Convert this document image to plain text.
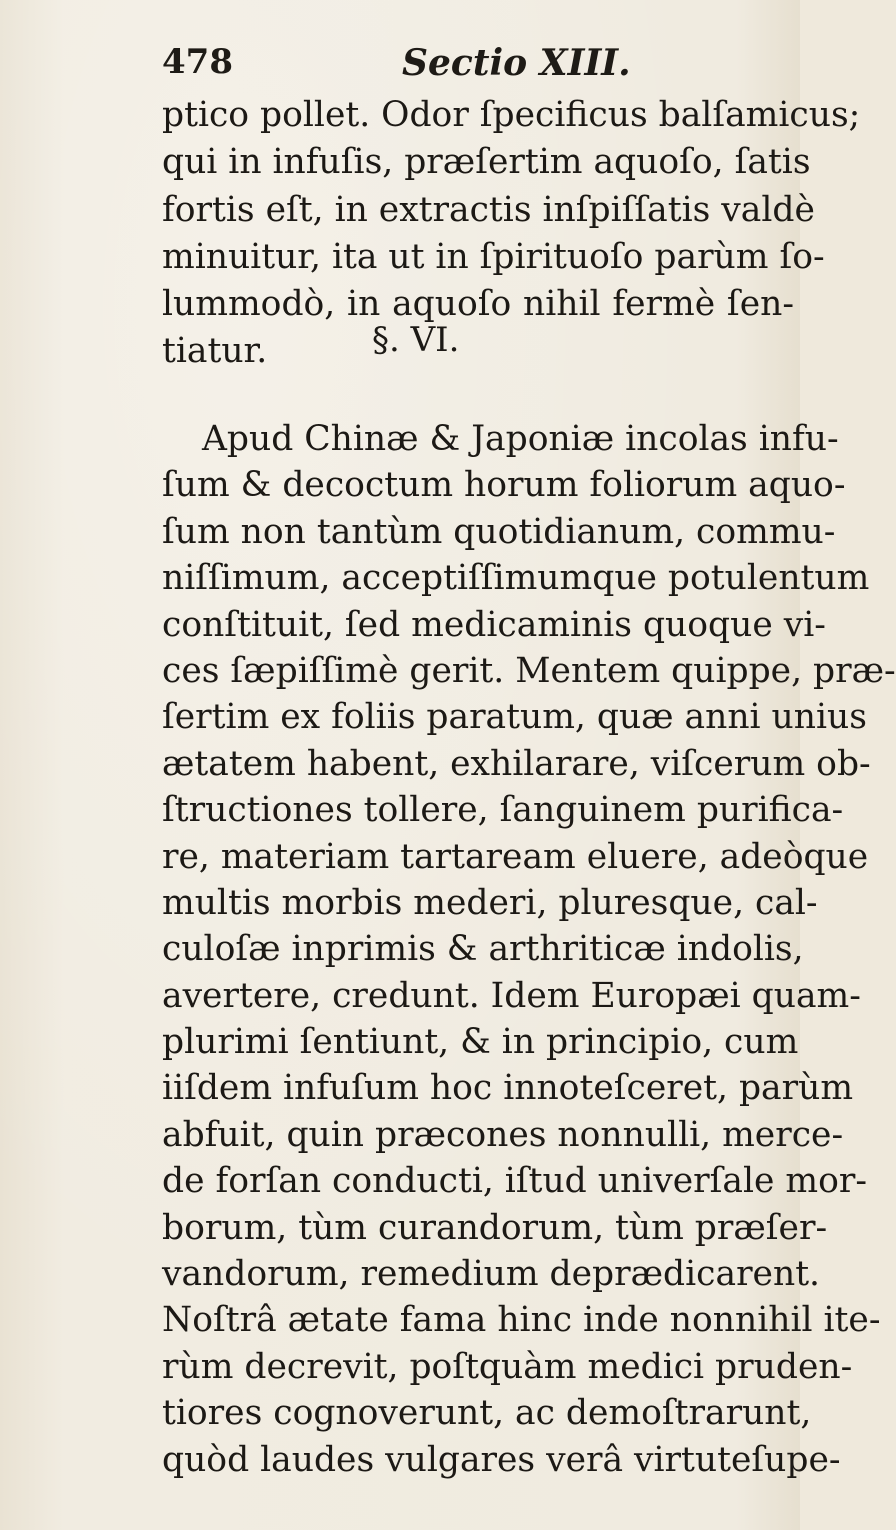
478	Sectio XIII.
ptico pollet. Odor ſpecificus balſamicus;
qui in infuſis, præſertim aquoſo, ſatis
fortis eſt, in extractis inſpiſſatis valdè
minuitur, ita ut in ſpirituoſo parùm ſo-
lummodò, in aquoſo nihil fermè ſen-
tiatur.	§. VI.
Apud Chinæ & Japoniæ incolas infu-
ſum & decoctum horum foliorum aquo-
ſum non tantùm quotidianum, commu-
niſſimum, acceptiſſimumque potulentum
conſtituit, ſed medicaminis quoque vi-
ces ſæpiſſimè gerit. Mentem quippe, præ-
ſertim ex foliis paratum, quæ anni unius
ætatem habent, exhilarare, viſcerum ob-
ſtructiones tollere, ſanguinem purifica-
re, materiam tartaream eluere, adeòque
multis morbis mederi, pluresque, cal-
culoſæ inprimis & arthriticæ indolis,
avertere, credunt. Idem Europæi quam-
plurimi ſentiunt, & in principio, cum
iiſdem infuſum hoc innoteſceret, parùm
abfuit, quin præcones nonnulli, merce-
de forſan conducti, iſtud univerſale mor-
borum, tùm curandorum, tùm præſer-
vandorum, remedium deprædicarent.
Noſtrâ ætate fama hinc inde nonnihil ite-
rùm decrevit, poſtquàm medici pruden-
tiores cognoverunt, ac demoſtrarunt,
quòd laudes vulgares verâ virtuteſupe-
